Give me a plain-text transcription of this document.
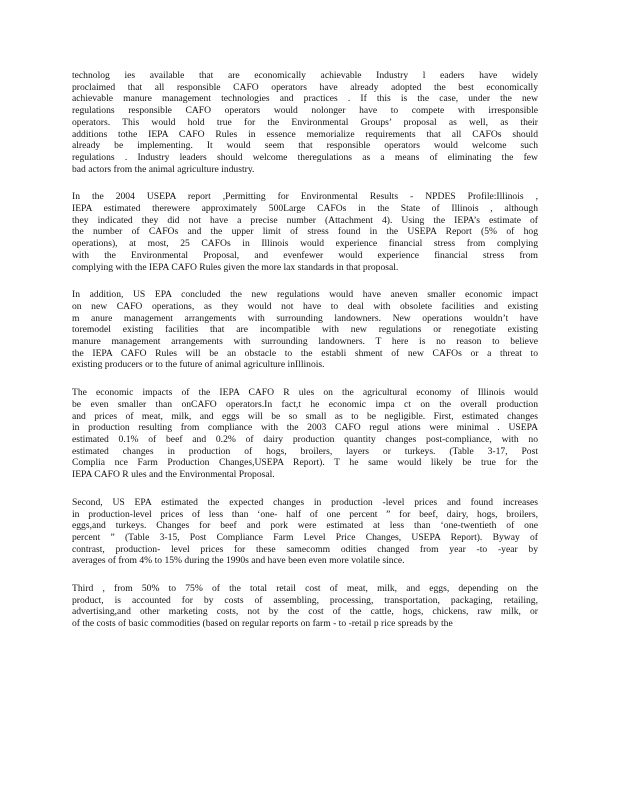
technolog ies available that are economically achievable Industry l eaders have widely
proclaimed that all responsible CAFO operators have already adopted the best economically
achievable manure management technologies and practices . If this is the case, under the new
regulations responsible CAFO operators would nolonger have to compete with irresponsible
operators. This would hold true for the Environmental Groups’ proposal as well, as their
additions tothe IEPA CAFO Rules in essence memorialize requirements that all CAFOs should
already be implementing. It would seem that responsible operators would welcome such
regulations . Industry leaders should welcome theregulations as a means of eliminating the few
bad actors from the animal agriculture industry.
In the 2004 USEPA report ,Permitting for Environmental Results - NPDES Profile:Illinois ,
IEPA estimated therewere approximately 500Large CAFOs in the State of Illinois , although
they indicated they did not have a precise number (Attachment 4). Using the IEPA’s estimate of
the number of CAFOs and the upper limit of stress found in the USEPA Report (5% of hog
operations), at most, 25 CAFOs in Illinois would experience financial stress from complying
with the Environmental Proposal, and evenfewer would experience financial stress from
complying with the IEPA CAFO Rules given the more lax standards in that proposal.
In addition, US EPA concluded the new regulations would have aneven smaller economic impact
on new CAFO operations, as they would not have to deal with obsolete facilities and existing
m anure management arrangements with surrounding landowners. New operations wouldn’t have
toremodel existing facilities that are incompatible with new regulations or renegotiate existing
manure management arrangements with surrounding landowners. T here is no reason to believe
the IEPA CAFO Rules will be an obstacle to the establi shment of new CAFOs or a threat to
existing producers or to the future of animal agriculture inIllinois.
The economic impacts of the IEPA CAFO R ules on the agricultural economy of Illinois would
be even smaller than onCAFO operators.In fact,t he economic impa ct on the overall production
and prices of meat, milk, and eggs will be so small as to be negligible. First, estimated changes
in production resulting from compliance with the 2003 CAFO regul ations were minimal . USEPA
estimated 0.1% of beef and 0.2% of dairy production quantity changes post-compliance, with no
estimated changes in production of hogs, broilers, layers or turkeys. (Table 3-17, Post
Complia nce Farm Production Changes,USEPA Report). T he same would likely be true for the
IEPA CAFO R ules and the Environmental Proposal.
Second, US EPA estimated the expected changes in production -level prices and found increases
in production-level prices of less than ‘one- half of one percent ” for beef, dairy, hogs, broilers,
eggs,and turkeys. Changes for beef and pork were estimated at less than ‘one-twentieth of one
percent ” (Table 3-15, Post Compliance Farm Level Price Changes, USEPA Report). Byway of
contrast, production- level prices for these samecomm odities changed from year -to -year by
averages of from 4% to 15% during the 1990s and have been even more volatile since.
Third , from 50% to 75% of the total retail cost of meat, milk, and eggs, depending on the
product, is accounted for by costs of assembling, processing, transportation, packaging, retailing,
advertising,and other marketing costs, not by the cost of the cattle, hogs, chickens, raw milk, or
of the costs of basic commodities (based on regular reports on farm - to -retail p rice spreads by the
